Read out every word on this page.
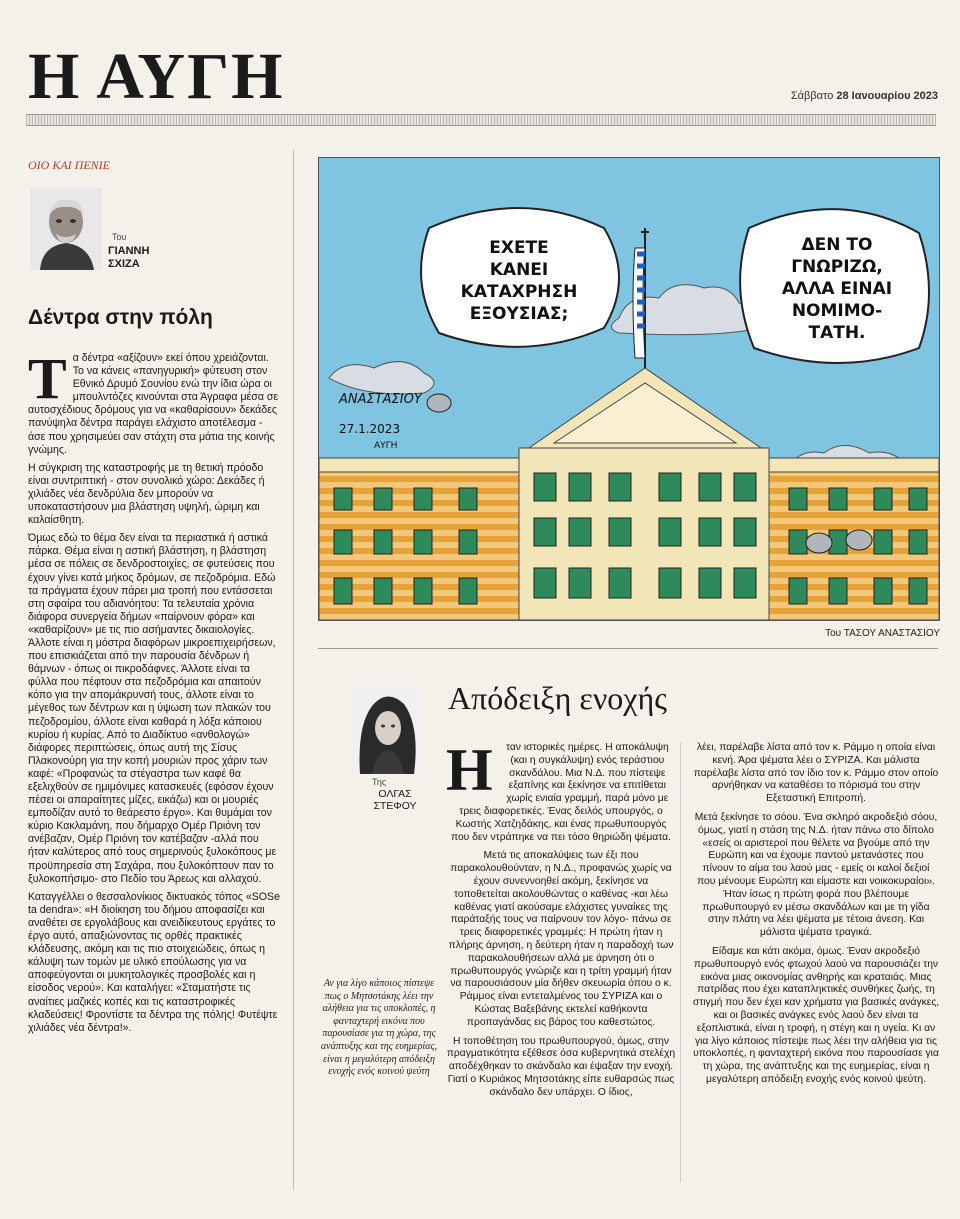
Η ΑΥΓΗ	Σάββατο 28 Ιανουαρίου 2023
ΟΙΟ ΚΑΙ ΠΕΝΙΕ
Του
ΓΙΑΝΝΗ
ΣΧΙΖΑ
Δέντρα στην πόλη

Τα δέντρα «αξίζουν» εκεί όπου χρειάζονται. Το να κάνεις «πανηγυρική» φύτευση στον Εθνικό Δρυμό Σουνίου ενώ την ίδια ώρα οι μπουλντόζες κινούνται στα Άγραφα μέσα σε αυτοσχέδιους δρόμους για να «καθαρίσουν» δεκάδες πανύψηλα δέντρα παράγει ελάχιστο αποτέλεσμα - άσε που χρησιμεύει σαν στάχτη στα μάτια της κοινής γνώμης.

Η σύγκριση της καταστροφής με τη θετική πρόοδο είναι συντριπτική - στον συνολικό χώρο: Δεκάδες ή χιλιάδες νέα δενδρύλια δεν μπορούν να υποκαταστήσουν μια βλάστηση υψηλή, ώριμη και καλαίσθητη.

Όμως εδώ το θέμα δεν είναι τα περιαστικά ή αστικά πάρκα. Θέμα είναι η αστική βλάστηση, η βλάστηση μέσα σε πόλεις σε δενδροστοιχίες, σε φυτεύσεις που έχουν γίνει κατά μήκος δρόμων, σε πεζοδρόμια. Εδώ τα πράγματα έχουν πάρει μια τροπή που εντάσσεται στη σφαίρα του αδιανόητου: Τα τελευταία χρόνια διάφορα συνεργεία δήμων «παίρνουν φόρα» και «καθαρίζουν» με τις πιο ασήμαντες δικαιολογίες. Άλλοτε είναι η μόστρα διαφόρων μικροεπιχειρήσεων, που επισκιάζεται από την παρουσία δένδρων ή θάμνων - όπως οι πικροδάφνες. Άλλοτε είναι τα φύλλα που πέφτουν στα πεζοδρόμια και απαιτούν κόπο για την απομάκρυνσή τους, άλλοτε είναι το μέγεθος των δέντρων και η ύψωση των πλακών του πεζοδρομίου, άλλοτε είναι καθαρά η λόξα κάποιου κυρίου ή κυρίας. Από το Διαδίκτυο «ανθολογώ» διάφορες περιπτώσεις, όπως αυτή της Σίσυς Πλακονούρη για την κοπή μουριών προς χάριν των καφέ: «Προφανώς τα στέγαστρα των καφέ θα εξελιχθούν σε ημιμόνιμες κατασκευές (εφόσον έχουν πέσει οι απαραίτητες μίζες, εικάζω) και οι μουριές εμποδίζαν αυτό το θεάρεστο έργο». Και θυμάμαι τον κύριο Κακλαμάνη, που δήμαρχο Ομέρ Πριόνη τον ανέβαζαν, Ομέρ Πριόνη τον κατέβαζαν -αλλά που ήταν καλύτερος από τους σημερινούς ξυλοκόπους με προϋπηρεσία στη Σαχάρα, που ξυλοκόπτουν παν το ξυλοκοπήσιμο- στο Πεδίο του Άρεως και αλλαχού.

Καταγγέλλει ο θεσσαλονίκιος δικτυακός τόπος «SOSe ta dendra»: «Η διοίκηση του δήμου αποφασίζει και αναθέτει σε εργολάβους και ανειδίκευτους εργάτες το έργο αυτό, απαξιώνοντας τις ορθές πρακτικές κλάδευσης, ακόμη και τις πιο στοιχειώδεις, όπως η κάλυψη των τομών με υλικό επούλωσης για να αποφεύγονται οι μυκητολογικές προσβολές και η είσοδος νερού». Και καταλήγει: «Σταματήστε τις αναίτιες μαζικές κοπές και τις καταστροφικές κλαδεύσεις! Φροντίστε τα δέντρα της πόλης! Φυτέψτε χιλιάδες νέα δέντρα!».

ΕΧΕΤΕ
ΚΑΝΕΙ
ΚΑΤΑΧΡΗΣΗ
ΕΞΟΥΣΙΑΣ;
ΔΕΝ ΤΟ
ΓΝΩΡΙΖΩ,
ΑΛΛΑ ΕΙΝΑΙ
ΝΟΜΙΜΟ-
ΤΑΤΗ.
ΑΝΑΣΤΑΣΙΟΥ
27.1.2023
ΑΥΓΗ
Του ΤΑΣΟΥ ΑΝΑΣΤΑΣΙΟΥ
Της
ΟΛΓΑΣ
ΣΤΕΦΟΥ
Απόδειξη ενοχής
Αν για λίγο κάποιος πίστεψε πως ο Μητσοτάκης λέει την αλήθεια για τις υποκλοπές, η φανταχτερή εικόνα που παρουσίασε για τη χώρα, της ανάπτυξης και της ευημερίας, είναι η μεγαλύτερη απόδειξη ενοχής ενός κοινού ψεύτη

Η ταν ιστορικές ημέρες. Η αποκάλυψη (και η συγκάλυψη) ενός τεράστιου σκανδάλου. Μια Ν.Δ. που πίστεψε εξαπίνης και ξεκίνησε να επιτίθεται χωρίς ενιαία γραμμή, παρά μόνο με τρεις διαφορετικές. Ένας δειλός υπουργός, ο Κωστής Χατζηδάκης, και ένας πρωθυπουργός που δεν ντράπηκε να πει τόσο θηριώδη ψέματα.

Μετά τις αποκαλύψεις των έξι που παρακολουθούνταν, η Ν.Δ., προφανώς χωρίς να έχουν συνεννοηθεί ακόμη, ξεκίνησε να τοποθετείται ακολουθώντας ο καθένας -και λέω καθένας γιατί ακούσαμε ελάχιστες γυναίκες της παράταξής τους να παίρνουν τον λόγο- πάνω σε τρεις διαφορετικές γραμμές: Η πρώτη ήταν η πλήρης άρνηση, η δεύτερη ήταν η παραδοχή των παρακολουθήσεων αλλά με άρνηση ότι ο πρωθυπουργός γνώριζε και η τρίτη γραμμή ήταν να παρουσιάσουν μία δήθεν σκευωρία όπου ο κ. Ράμμος είναι εντεταλμένος του ΣΥΡΙΖΑ και ο Κώστας Βαξεβάνης εκτελεί καθήκοντα προπαγάνδας εις βάρος του καθεστώτος.

Η τοποθέτηση του πρωθυπουργού, όμως, στην πραγματικότητα εξέθεσε όσα κυβερνητικά στελέχη αποδέχθηκαν το σκάνδαλο και έψαξαν την ενοχή. Γιατί ο Κυριάκος Μητσοτάκης είπε ευθαρσώς πως σκάνδαλο δεν υπάρχει. Ο ίδιος,

λέει, παρέλαβε λίστα από τον κ. Ράμμο η οποία είναι κενή. Άρα ψέματα λέει ο ΣΥΡΙΖΑ. Και μάλιστα παρέλαβε λίστα από τον ίδιο τον κ. Ράμμο στον οποίο αρνήθηκαν να καταθέσει το πόρισμά του στην Εξεταστική Επιτροπή.

Μετά ξεκίνησε το σόου. Ένα σκληρό ακροδεξιό σόου, όμως, γιατί η στάση της Ν.Δ. ήταν πάνω στο δίπολο «εσείς οι αριστεροί που θέλετε να βγούμε από την Ευρώπη και να έχουμε παντού μετανάστες που πίνουν το αίμα του λαού μας - εμείς οι καλοί δεξιοί που μένουμε Ευρώπη και είμαστε και νοικοκυραίοι». Ήταν ίσως η πρώτη φορά που βλέπουμε πρωθυπουργό εν μέσω σκανδάλων και με τη γίδα στην πλάτη να λέει ψέματα με τέτοια άνεση. Και μάλιστα ψέματα τραγικά.

Είδαμε και κάτι ακόμα, όμως. Έναν ακροδεξιό πρωθυπουργό ενός φτωχού λαού να παρουσιάζει την εικόνα μιας οικονομίας ανθηρής και κραταιάς. Μιας πατρίδας που έχει καταπληκτικές συνθήκες ζωής, τη στιγμή που δεν έχει καν χρήματα για βασικές ανάγκες, και οι βασικές ανάγκες ενός λαού δεν είναι τα εξοπλιστικά, είναι η τροφή, η στέγη και η υγεία. Κι αν για λίγο κάποιος πίστεψε πως λέει την αλήθεια για τις υποκλοπές, η φανταχτερή εικόνα που παρουσίασε για τη χώρα, της ανάπτυξης και της ευημερίας, είναι η μεγαλύτερη απόδειξη ενοχής ενός κοινού ψεύτη.
